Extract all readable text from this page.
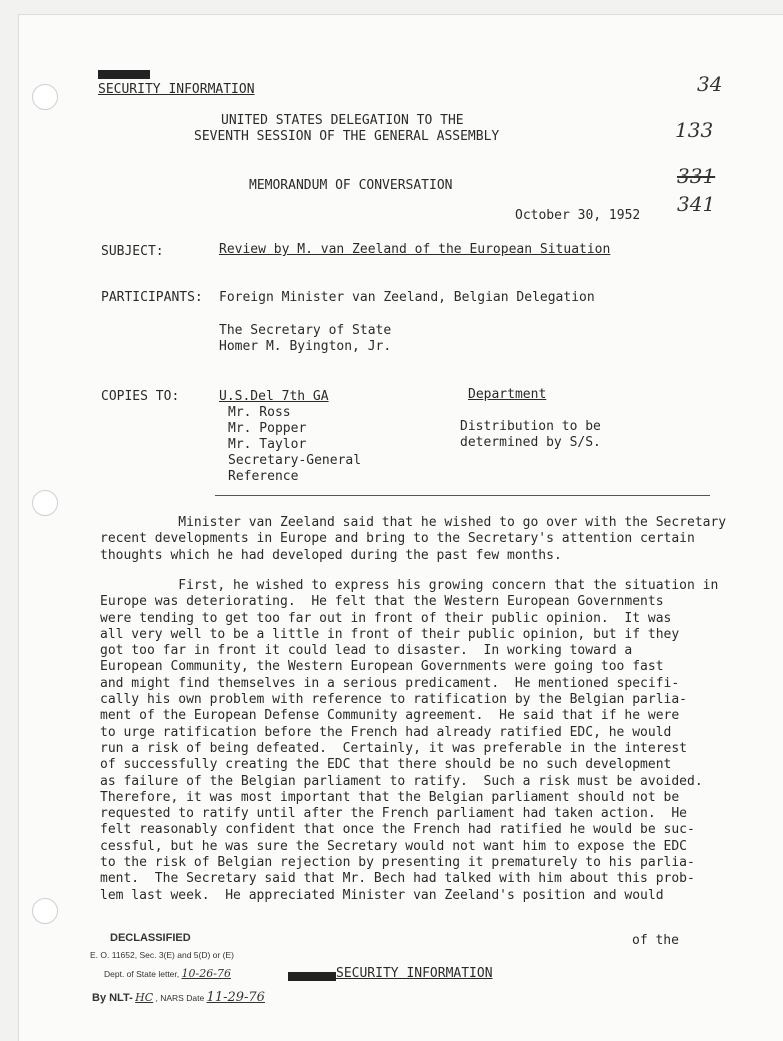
SECURITY INFORMATION	34
133
331
341
UNITED STATES DELEGATION TO THE
SEVENTH SESSION OF THE GENERAL ASSEMBLY
MEMORANDUM OF CONVERSATION
October 30, 1952
SUBJECT:	Review by M. van Zeeland of the European Situation
PARTICIPANTS: Foreign Minister van Zeeland, Belgian Delegation
The Secretary of State
Homer M. Byington, Jr.
COPIES TO:	U.S.Del 7th GA
Mr. Ross
Mr. Popper
Mr. Taylor
Secretary-General
Reference
Department
Distribution to be
determined by S/S.
Minister van Zeeland said that he wished to go over with the Secretary
recent developments in Europe and bring to the Secretary's attention certain
thoughts which he had developed during the past few months.
First, he wished to express his growing concern that the situation in
Europe was deteriorating.  He felt that the Western European Governments
were tending to get too far out in front of their public opinion.  It was
all very well to be a little in front of their public opinion, but if they
got too far in front it could lead to disaster.  In working toward a
European Community, the Western European Governments were going too fast
and might find themselves in a serious predicament.  He mentioned specifi-
cally his own problem with reference to ratification by the Belgian parlia-
ment of the European Defense Community agreement.  He said that if he were
to urge ratification before the French had already ratified EDC, he would
run a risk of being defeated.  Certainly, it was preferable in the interest
of successfully creating the EDC that there should be no such development
as failure of the Belgian parliament to ratify.  Such a risk must be avoided.
Therefore, it was most important that the Belgian parliament should not be
requested to ratify until after the French parliament had taken action.  He
felt reasonably confident that once the French had ratified he would be suc-
cessful, but he was sure the Secretary would not want him to expose the EDC
to the risk of Belgian rejection by presenting it prematurely to his parlia-
ment.  The Secretary said that Mr. Bech had talked with him about this prob-
lem last week.  He appreciated Minister van Zeeland's position and would
of the
DECLASSIFIED
E. O. 11652, Sec. 3(E) and 5(D) or (E)
Dept. of State letter, 10-26-76
By NLT- HC , NARS Date 11-29-76
SECURITY INFORMATION
